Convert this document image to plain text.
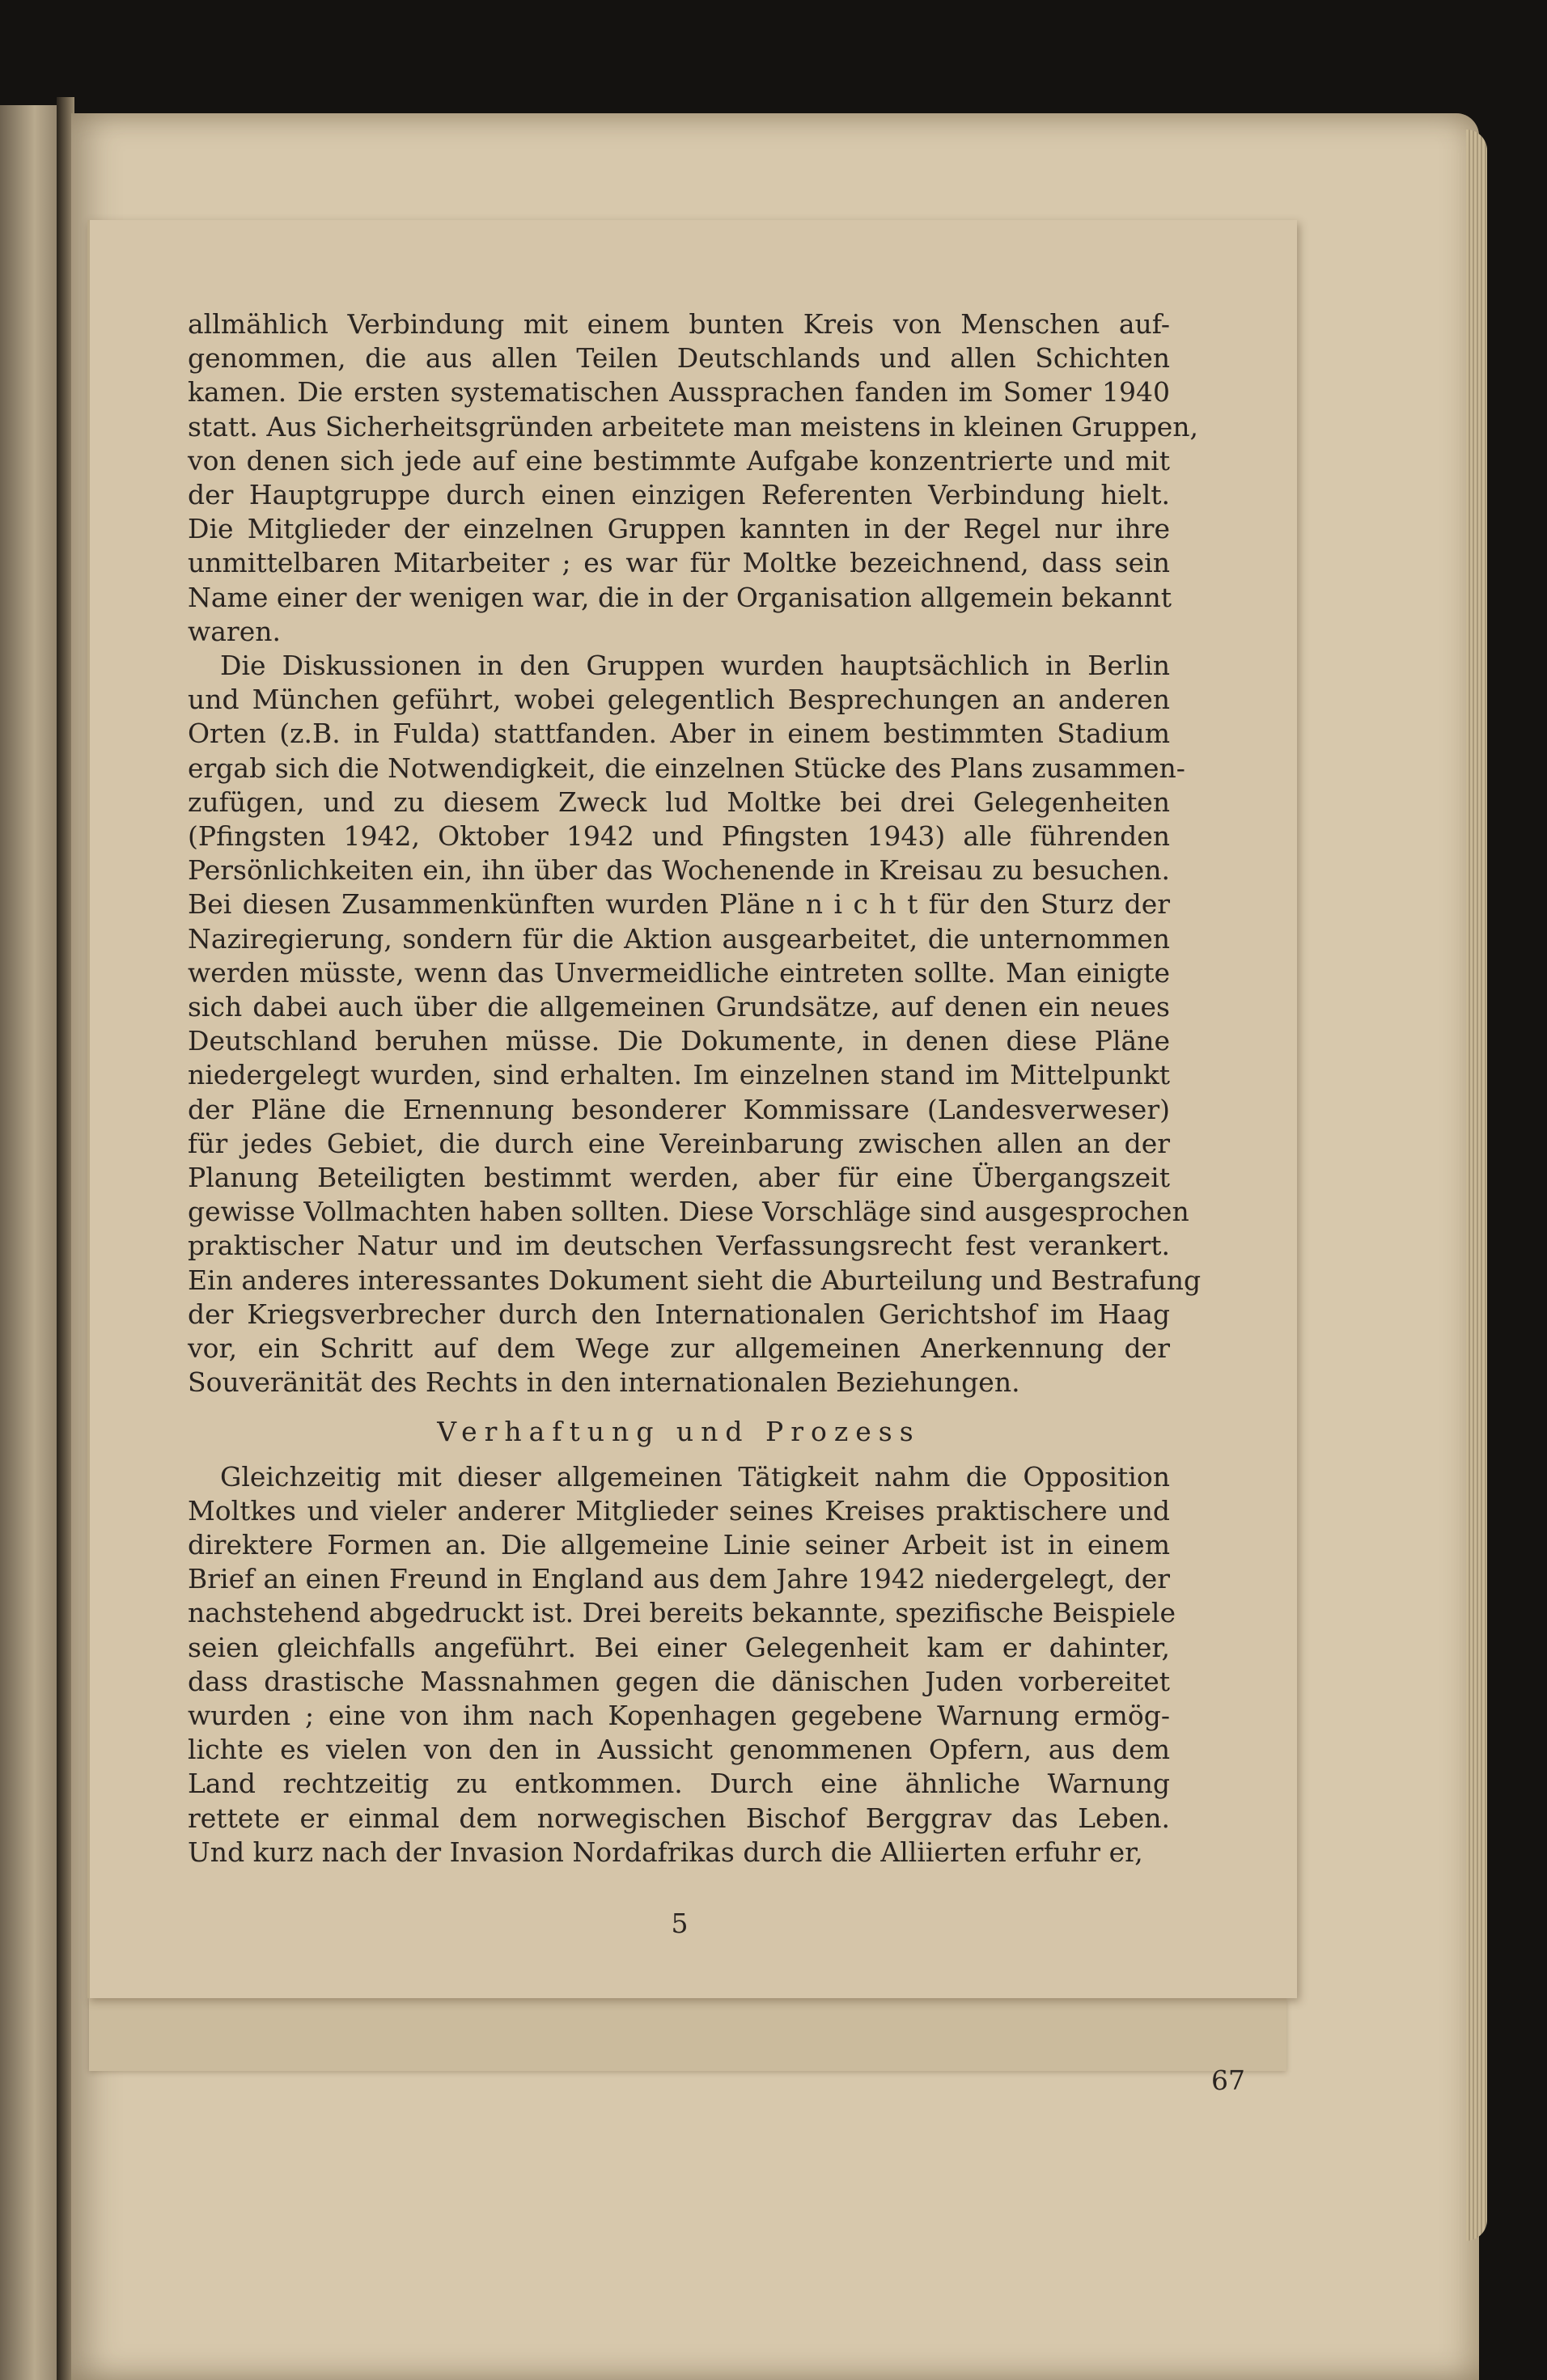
allmählich Verbindung mit einem bunten Kreis von Menschen auf-
genommen, die aus allen Teilen Deutschlands und allen Schichten
kamen. Die ersten systematischen Aussprachen fanden im Somer 1940
statt. Aus Sicherheitsgründen arbeitete man meistens in kleinen Gruppen,
von denen sich jede auf eine bestimmte Aufgabe konzentrierte und mit
der Hauptgruppe durch einen einzigen Referenten Verbindung hielt.
Die Mitglieder der einzelnen Gruppen kannten in der Regel nur ihre
unmittelbaren Mitarbeiter ; es war für Moltke bezeichnend, dass sein
Name einer der wenigen war, die in der Organisation allgemein bekannt
waren.
Die Diskussionen in den Gruppen wurden hauptsächlich in Berlin
und München geführt, wobei gelegentlich Besprechungen an anderen
Orten (z.B. in Fulda) stattfanden. Aber in einem bestimmten Stadium
ergab sich die Notwendigkeit, die einzelnen Stücke des Plans zusammen-
zufügen, und zu diesem Zweck lud Moltke bei drei Gelegenheiten
(Pfingsten 1942, Oktober 1942 und Pfingsten 1943) alle führenden
Persönlichkeiten ein, ihn über das Wochenende in Kreisau zu besuchen.
Bei diesen Zusammenkünften wurden Pläne n i c h t für den Sturz der
Naziregierung, sondern für die Aktion ausgearbeitet, die unternommen
werden müsste, wenn das Unvermeidliche eintreten sollte. Man einigte
sich dabei auch über die allgemeinen Grundsätze, auf denen ein neues
Deutschland beruhen müsse. Die Dokumente, in denen diese Pläne
niedergelegt wurden, sind erhalten. Im einzelnen stand im Mittelpunkt
der Pläne die Ernennung besonderer Kommissare (Landesverweser)
für jedes Gebiet, die durch eine Vereinbarung zwischen allen an der
Planung Beteiligten bestimmt werden, aber für eine Übergangszeit
gewisse Vollmachten haben sollten. Diese Vorschläge sind ausgesprochen
praktischer Natur und im deutschen Verfassungsrecht fest verankert.
Ein anderes interessantes Dokument sieht die Aburteilung und Bestrafung
der Kriegsverbrecher durch den Internationalen Gerichtshof im Haag
vor, ein Schritt auf dem Wege zur allgemeinen Anerkennung der
Souveränität des Rechts in den internationalen Beziehungen.
Verhaftung und Prozess
Gleichzeitig mit dieser allgemeinen Tätigkeit nahm die Opposition
Moltkes und vieler anderer Mitglieder seines Kreises praktischere und
direktere Formen an. Die allgemeine Linie seiner Arbeit ist in einem
Brief an einen Freund in England aus dem Jahre 1942 niedergelegt, der
nachstehend abgedruckt ist. Drei bereits bekannte, spezifische Beispiele
seien gleichfalls angeführt. Bei einer Gelegenheit kam er dahinter,
dass drastische Massnahmen gegen die dänischen Juden vorbereitet
wurden ; eine von ihm nach Kopenhagen gegebene Warnung ermög-
lichte es vielen von den in Aussicht genommenen Opfern, aus dem
Land rechtzeitig zu entkommen. Durch eine ähnliche Warnung
rettete er einmal dem norwegischen Bischof Berggrav das Leben.
Und kurz nach der Invasion Nordafrikas durch die Alliierten erfuhr er,
5
67
